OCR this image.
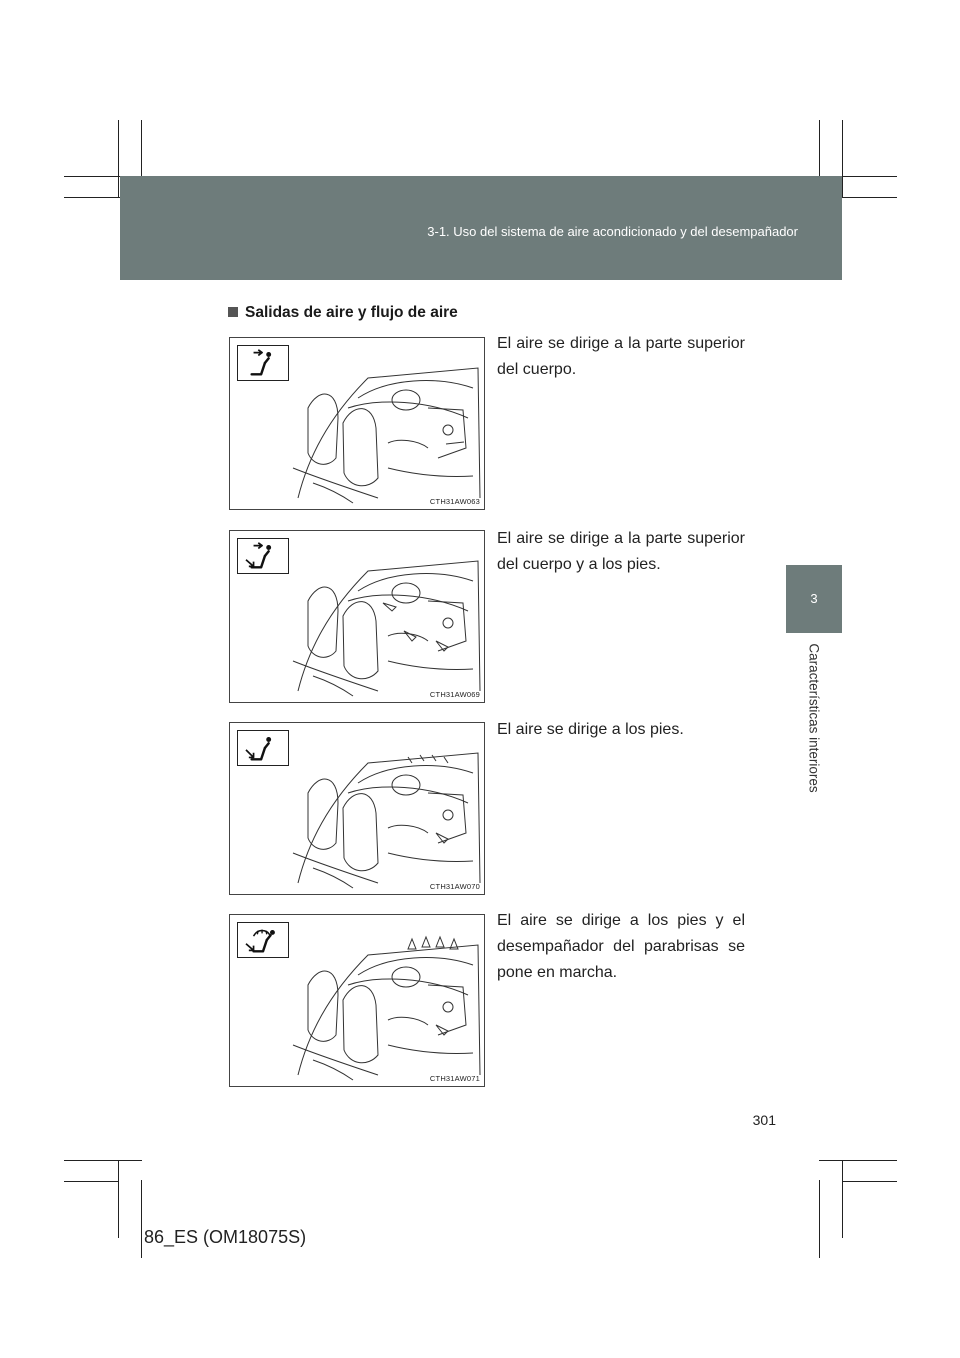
3-1. Uso del sistema de aire acondicionado y del desempañador
3
Características interiores
Salidas de aire y flujo de aire
CTH31AW063
El aire se dirige a la parte superior del cuerpo.
CTH31AW069
El aire se dirige a la parte superior del cuerpo y a los pies.
CTH31AW070
El aire se dirige a los pies.
CTH31AW071
El aire se dirige a los pies y el desempañador del parabrisas se pone en marcha.
301
86_ES (OM18075S)
